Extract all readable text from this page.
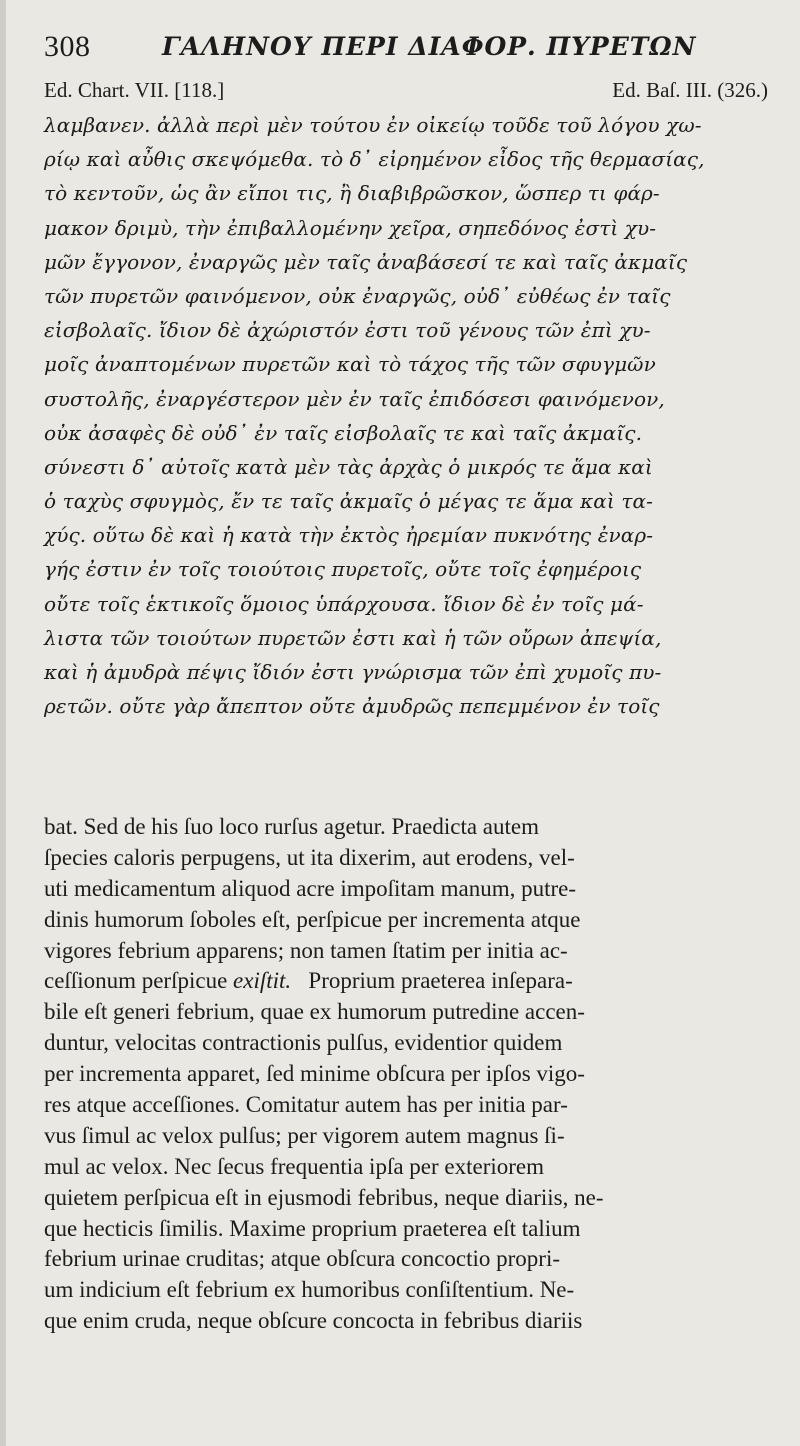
308	ΓΑΛΗΝΟΥ ΠΕΡΙ ΔΙΑΦΟΡ. ΠΥΡΕΤΩΝ
Ed. Chart. VII. [118.]	Ed. Baſ. III. (326.)
λαμβανεν. ἀλλὰ περὶ μὲν τούτου ἐν οἰκείῳ τοῦδε τοῦ λόγου χω-
ρίῳ καὶ αὖθις σκεψόμεθα. τὸ δ᾽ εἰρημένον εἶδος τῆς θερμασίας,
τὸ κεντοῦν, ὡς ἂν εἴποι τις, ἢ διαβιβρῶσκον, ὥσπερ τι φάρ-
μακον δριμὺ, τὴν ἐπιβαλλομένην χεῖρα, σηπεδόνος ἐστὶ χυ-
μῶν ἔγγονον, ἐναργῶς μὲν ταῖς ἀναβάσεσί τε καὶ ταῖς ἀκμαῖς
τῶν πυρετῶν φαινόμενον, οὐκ ἐναργῶς, οὐδ᾽ εὐθέως ἐν ταῖς
εἰσβολαῖς. ἴδιον δὲ ἀχώριστόν ἐστι τοῦ γένους τῶν ἐπὶ χυ-
μοῖς ἀναπτομένων πυρετῶν καὶ τὸ τάχος τῆς τῶν σφυγμῶν
συστολῆς, ἐναργέστερον μὲν ἐν ταῖς ἐπιδόσεσι φαινόμενον,
οὐκ ἀσαφὲς δὲ οὐδ᾽ ἐν ταῖς εἰσβολαῖς τε καὶ ταῖς ἀκμαῖς.
σύνεστι δ᾽ αὐτοῖς κατὰ μὲν τὰς ἀρχὰς ὁ μικρός τε ἅμα καὶ
ὁ ταχὺς σφυγμὸς, ἔν τε ταῖς ἀκμαῖς ὁ μέγας τε ἅμα καὶ τα-
χύς. οὕτω δὲ καὶ ἡ κατὰ τὴν ἐκτὸς ἠρεμίαν πυκνότης ἐναρ-
γής ἐστιν ἐν τοῖς τοιούτοις πυρετοῖς, οὔτε τοῖς ἐφημέροις
οὔτε τοῖς ἑκτικοῖς ὅμοιος ὑπάρχουσα. ἴδιον δὲ ἐν τοῖς μά-
λιστα τῶν τοιούτων πυρετῶν ἐστι καὶ ἡ τῶν οὔρων ἀπεψία,
καὶ ἡ ἀμυδρὰ πέψις ἴδιόν ἐστι γνώρισμα τῶν ἐπὶ χυμοῖς πυ-
ρετῶν. οὔτε γὰρ ἄπεπτον οὔτε ἀμυδρῶς πεπεμμένον ἐν τοῖς
bat. Sed de his ſuo loco rurſus agetur. Praedicta autem
ſpecies caloris perpugens, ut ita dixerim, aut erodens, vel-
uti medicamentum aliquod acre impoſitam manum, putre-
dinis humorum ſoboles eſt, perſpicue per incrementa atque
vigores febrium apparens; non tamen ſtatim per initia ac-
ceſſionum perſpicue exiſtit. Proprium praeterea inſepara-
bile eſt generi febrium, quae ex humorum putredine accen-
duntur, velocitas contractionis pulſus, evidentior quidem
per incrementa apparet, ſed minime obſcura per ipſos vigo-
res atque acceſſiones. Comitatur autem has per initia par-
vus ſimul ac velox pulſus; per vigorem autem magnus ſi-
mul ac velox. Nec ſecus frequentia ipſa per exteriorem
quietem perſpicua eſt in ejusmodi febribus, neque diariis, ne-
que hecticis ſimilis. Maxime proprium praeterea eſt talium
febrium urinae cruditas; atque obſcura concoctio propri-
um indicium eſt febrium ex humoribus conſiſtentium. Ne-
que enim cruda, neque obſcure concocta in febribus diariis
